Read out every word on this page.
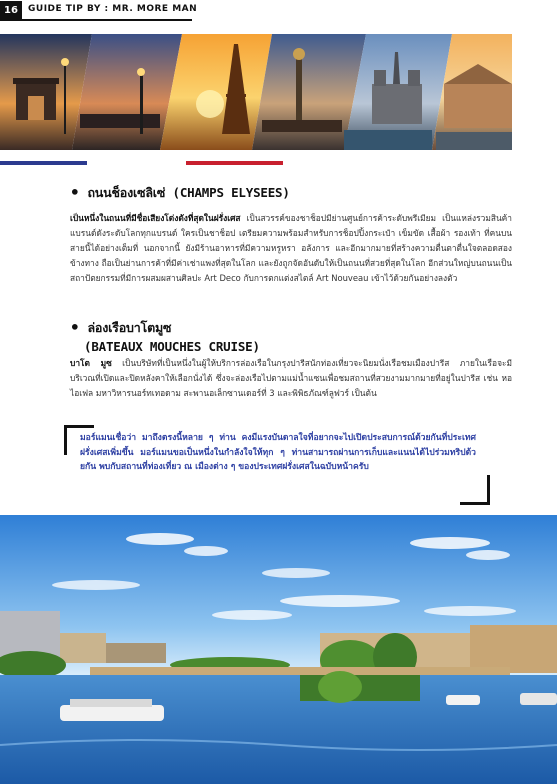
16	GUIDE TIP BY : MR. MORE MAN
• ถนนช็องเซลิเซ่ (CHAMPS ELYSEES)
เป็นหนึ่งในถนนที่มีชื่อเสียงโด่งดังที่สุดในฝรั่งเศส เป็นสวรรค์ของชาช็อปมีย่านศูนย์การค้าระดับพรีเมียม เป็นแหล่งรวมสินค้าแบรนด์ดังระดับโลกทุกแบรนด์ ใครเป็นชาช็อป เตรียมความพร้อมสำหรับการช็อปปิ้งกระเป๋า เข็มขัด เสื้อผ้า รองเท้า ที่คนบนสายนี้ได้อย่างเต็มที่ นอกจากนี้ ยังมีร้านอาหารที่มีความหรูหรา อลังการ และอีกมากมายที่สร้างความตื่นตาตื่นใจตลอดสองข้างทาง ถือเป็นย่านการค้าที่มีค่าเช่าแพงที่สุดในโลก และยังถูกจัดอันดับให้เป็นถนนที่สวยที่สุดในโลก อีกส่วนใหญ่บนถนนเป็นสถาปัตยกรรมที่มีการผสมผสานศิลปะ Art Deco กับการตกแต่งสไตล์ Art Nouveau เข้าไว้ด้วยกันอย่างลงตัว
• ล่องเรือบาโตมูซ
(BATEAUX MOUCHES CRUISE)
บาโต มูซ เป็นบริษัทที่เป็นหนึ่งในผู้ให้บริการล่องเรือในกรุงปารีสนักท่องเที่ยวจะนิยมนั่งเรือชมเมืองปารีส ภายในเรือจะมีบริเวณที่เปิดและปิดหลังคาให้เลือกนั่งได้ ซึ่งจะล่องเรือไปตามแม่น้ำแซนเพื่อชมสถานที่สวยงามมากมายที่อยู่ในปารีส เช่น หอไอเฟล มหาวิหารนอร์ทเทอดาม สะพานอเล็กซานเดอร์ที่ 3 และพิพิธภัณฑ์ลูฟวร์ เป็นต้น
มอร์แมนเชื่อว่า มาถึงตรงนี้หลาย ๆ ท่าน คงมีแรงบันดาลใจที่อยากจะไปเปิดประสบการณ์ด้วยกันที่ประเทศฝรั่งเศสเพิ่มขึ้น มอร์แมนขอเป็นหนึ่งในกำลังใจให้ทุก ๆ ท่านสามารถผ่านการเก็บและแนนได้ไปร่วมทริปด้วยกัน พบกับสถานที่ท่องเที่ยว ณ เมืองต่าง ๆ ของประเทศฝรั่งเศสในฉบับหน้าครับ
